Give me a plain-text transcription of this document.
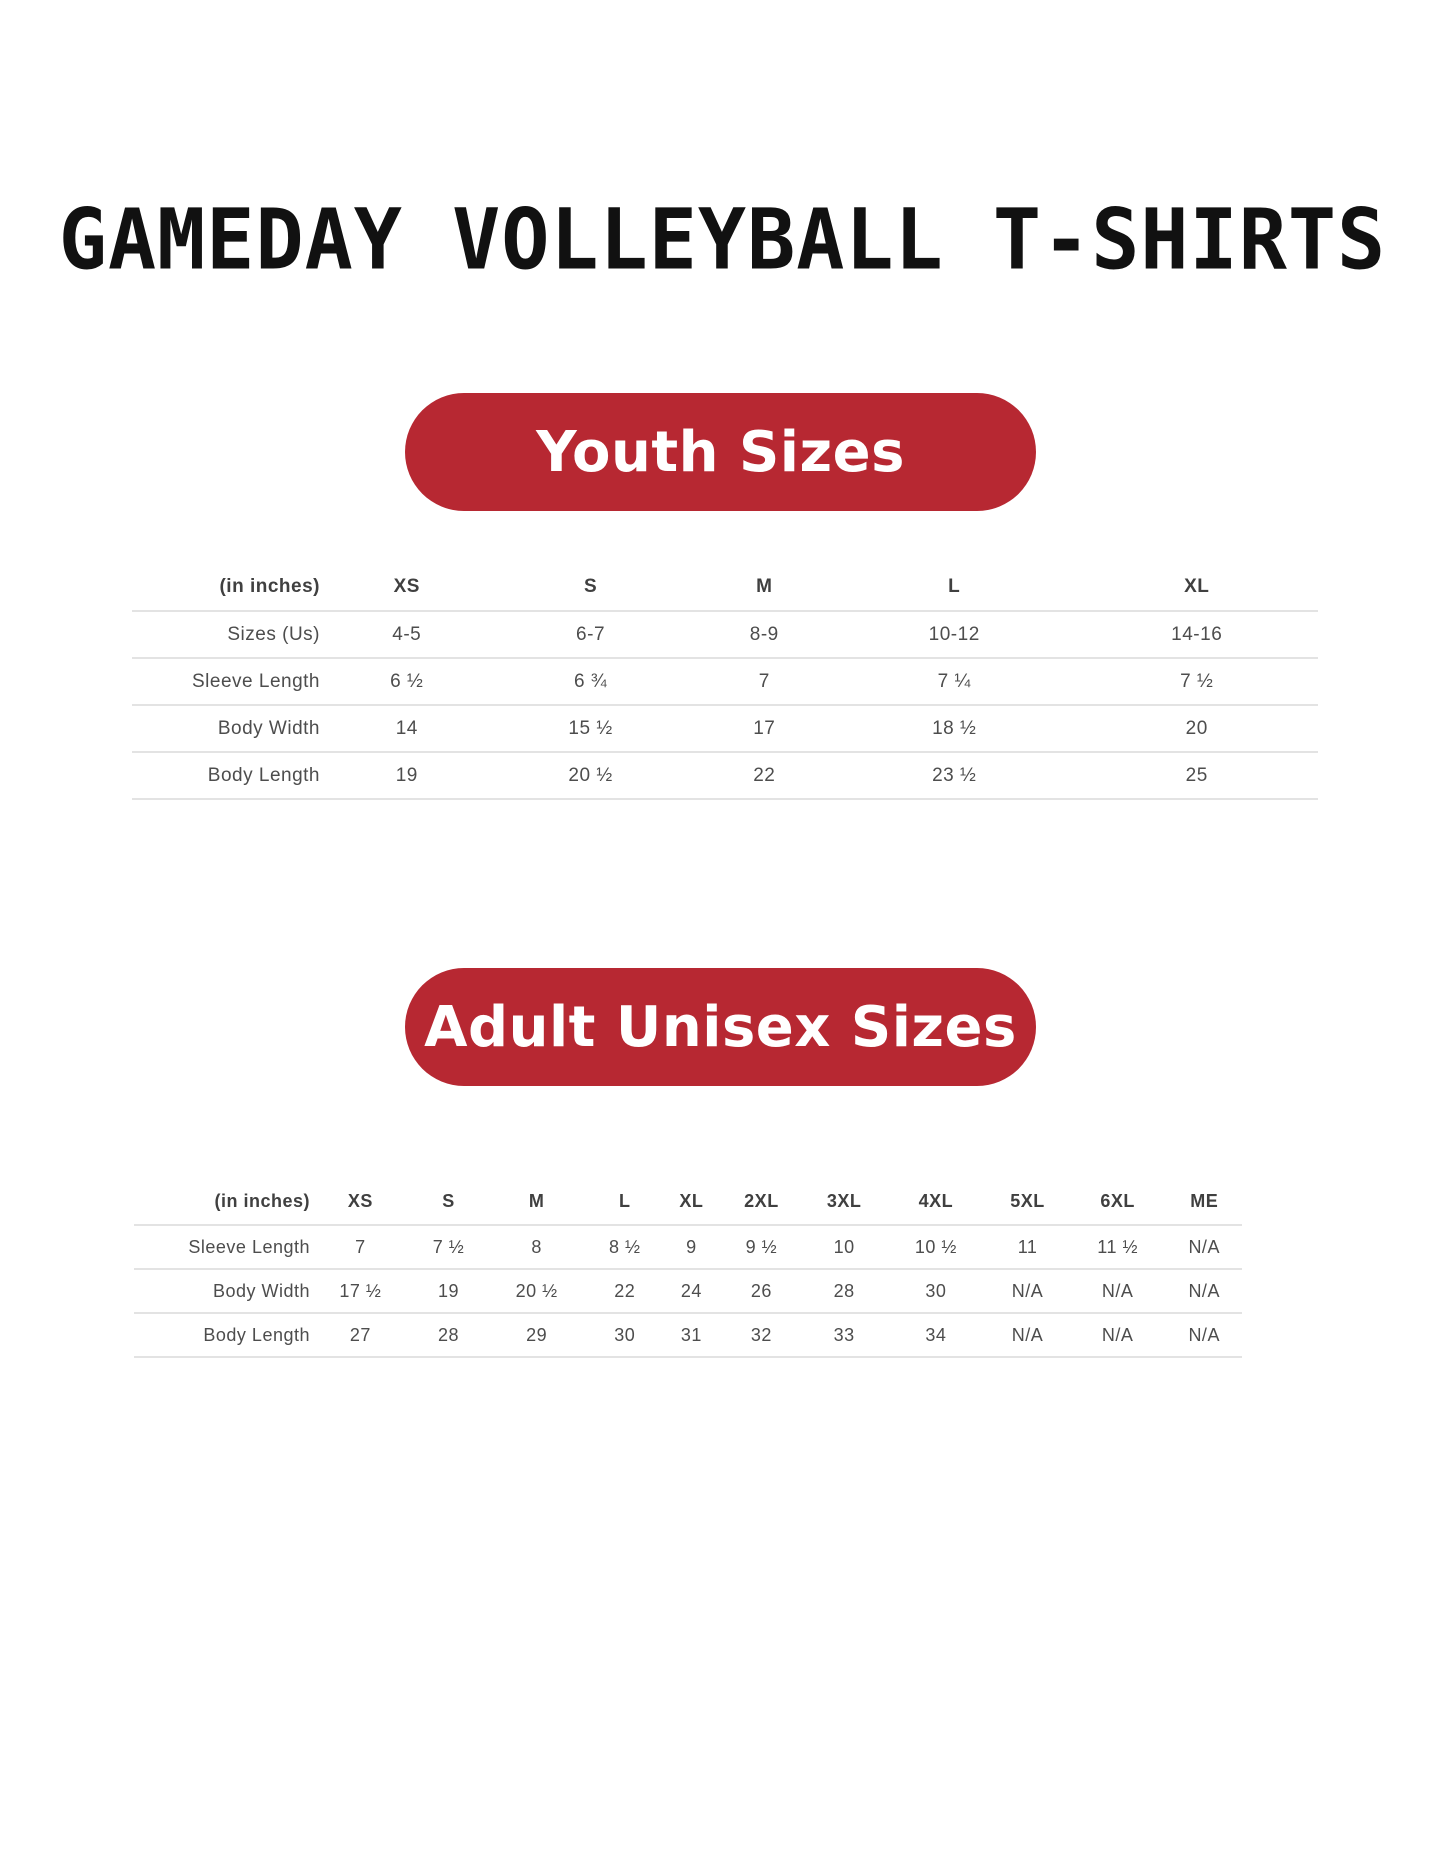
GAMEDAY VOLLEYBALL T-SHIRTS
Youth Sizes
(in inches)	XS	S	M	L	XL
Sizes (Us)	4-5	6-7	8-9	10-12	14-16
Sleeve Length	6 ½	6 ¾	7	7 ¼	7 ½
Body Width	14	15 ½	17	18 ½	20
Body Length	19	20 ½	22	23 ½	25
Adult Unisex Sizes
(in inches)	XS	S	M	L	XL	2XL	3XL	4XL	5XL	6XL	ME
Sleeve Length	7	7 ½	8	8 ½	9	9 ½	10	10 ½	11	11 ½	N/A
Body Width	17 ½	19	20 ½	22	24	26	28	30	N/A	N/A	N/A
Body Length	27	28	29	30	31	32	33	34	N/A	N/A	N/A
